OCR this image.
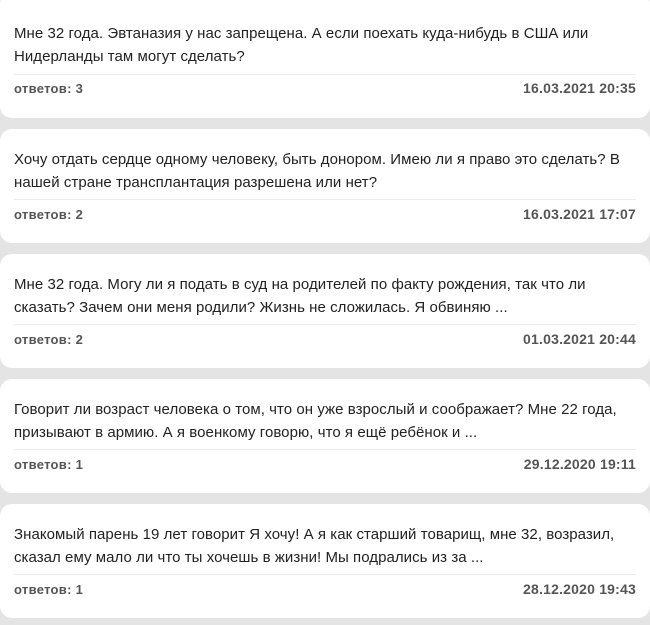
Мне 32 года. Эвтаназия у нас запрещена. А если поехать куда-нибудь в США или Нидерланды там могут сделать?
ответов: 3	16.03.2021 20:35
Хочу отдать сердце одному человеку, быть донором. Имею ли я право это сделать? В нашей стране трансплантация разрешена или нет?
ответов: 2	16.03.2021 17:07
Мне 32 года. Могу ли я подать в суд на родителей по факту рождения, так что ли сказать? Зачем они меня родили? Жизнь не сложилась. Я обвиняю ...
ответов: 2	01.03.2021 20:44
Говорит ли возраст человека о том, что он уже взрослый и соображает? Мне 22 года, призывают в армию. А я военкому говорю, что я ещё ребёнок и ...
ответов: 1	29.12.2020 19:11
Знакомый парень 19 лет говорит Я хочу! А я как старший товарищ, мне 32, возразил, сказал ему мало ли что ты хочешь в жизни! Мы подрались из за ...
ответов: 1	28.12.2020 19:43
